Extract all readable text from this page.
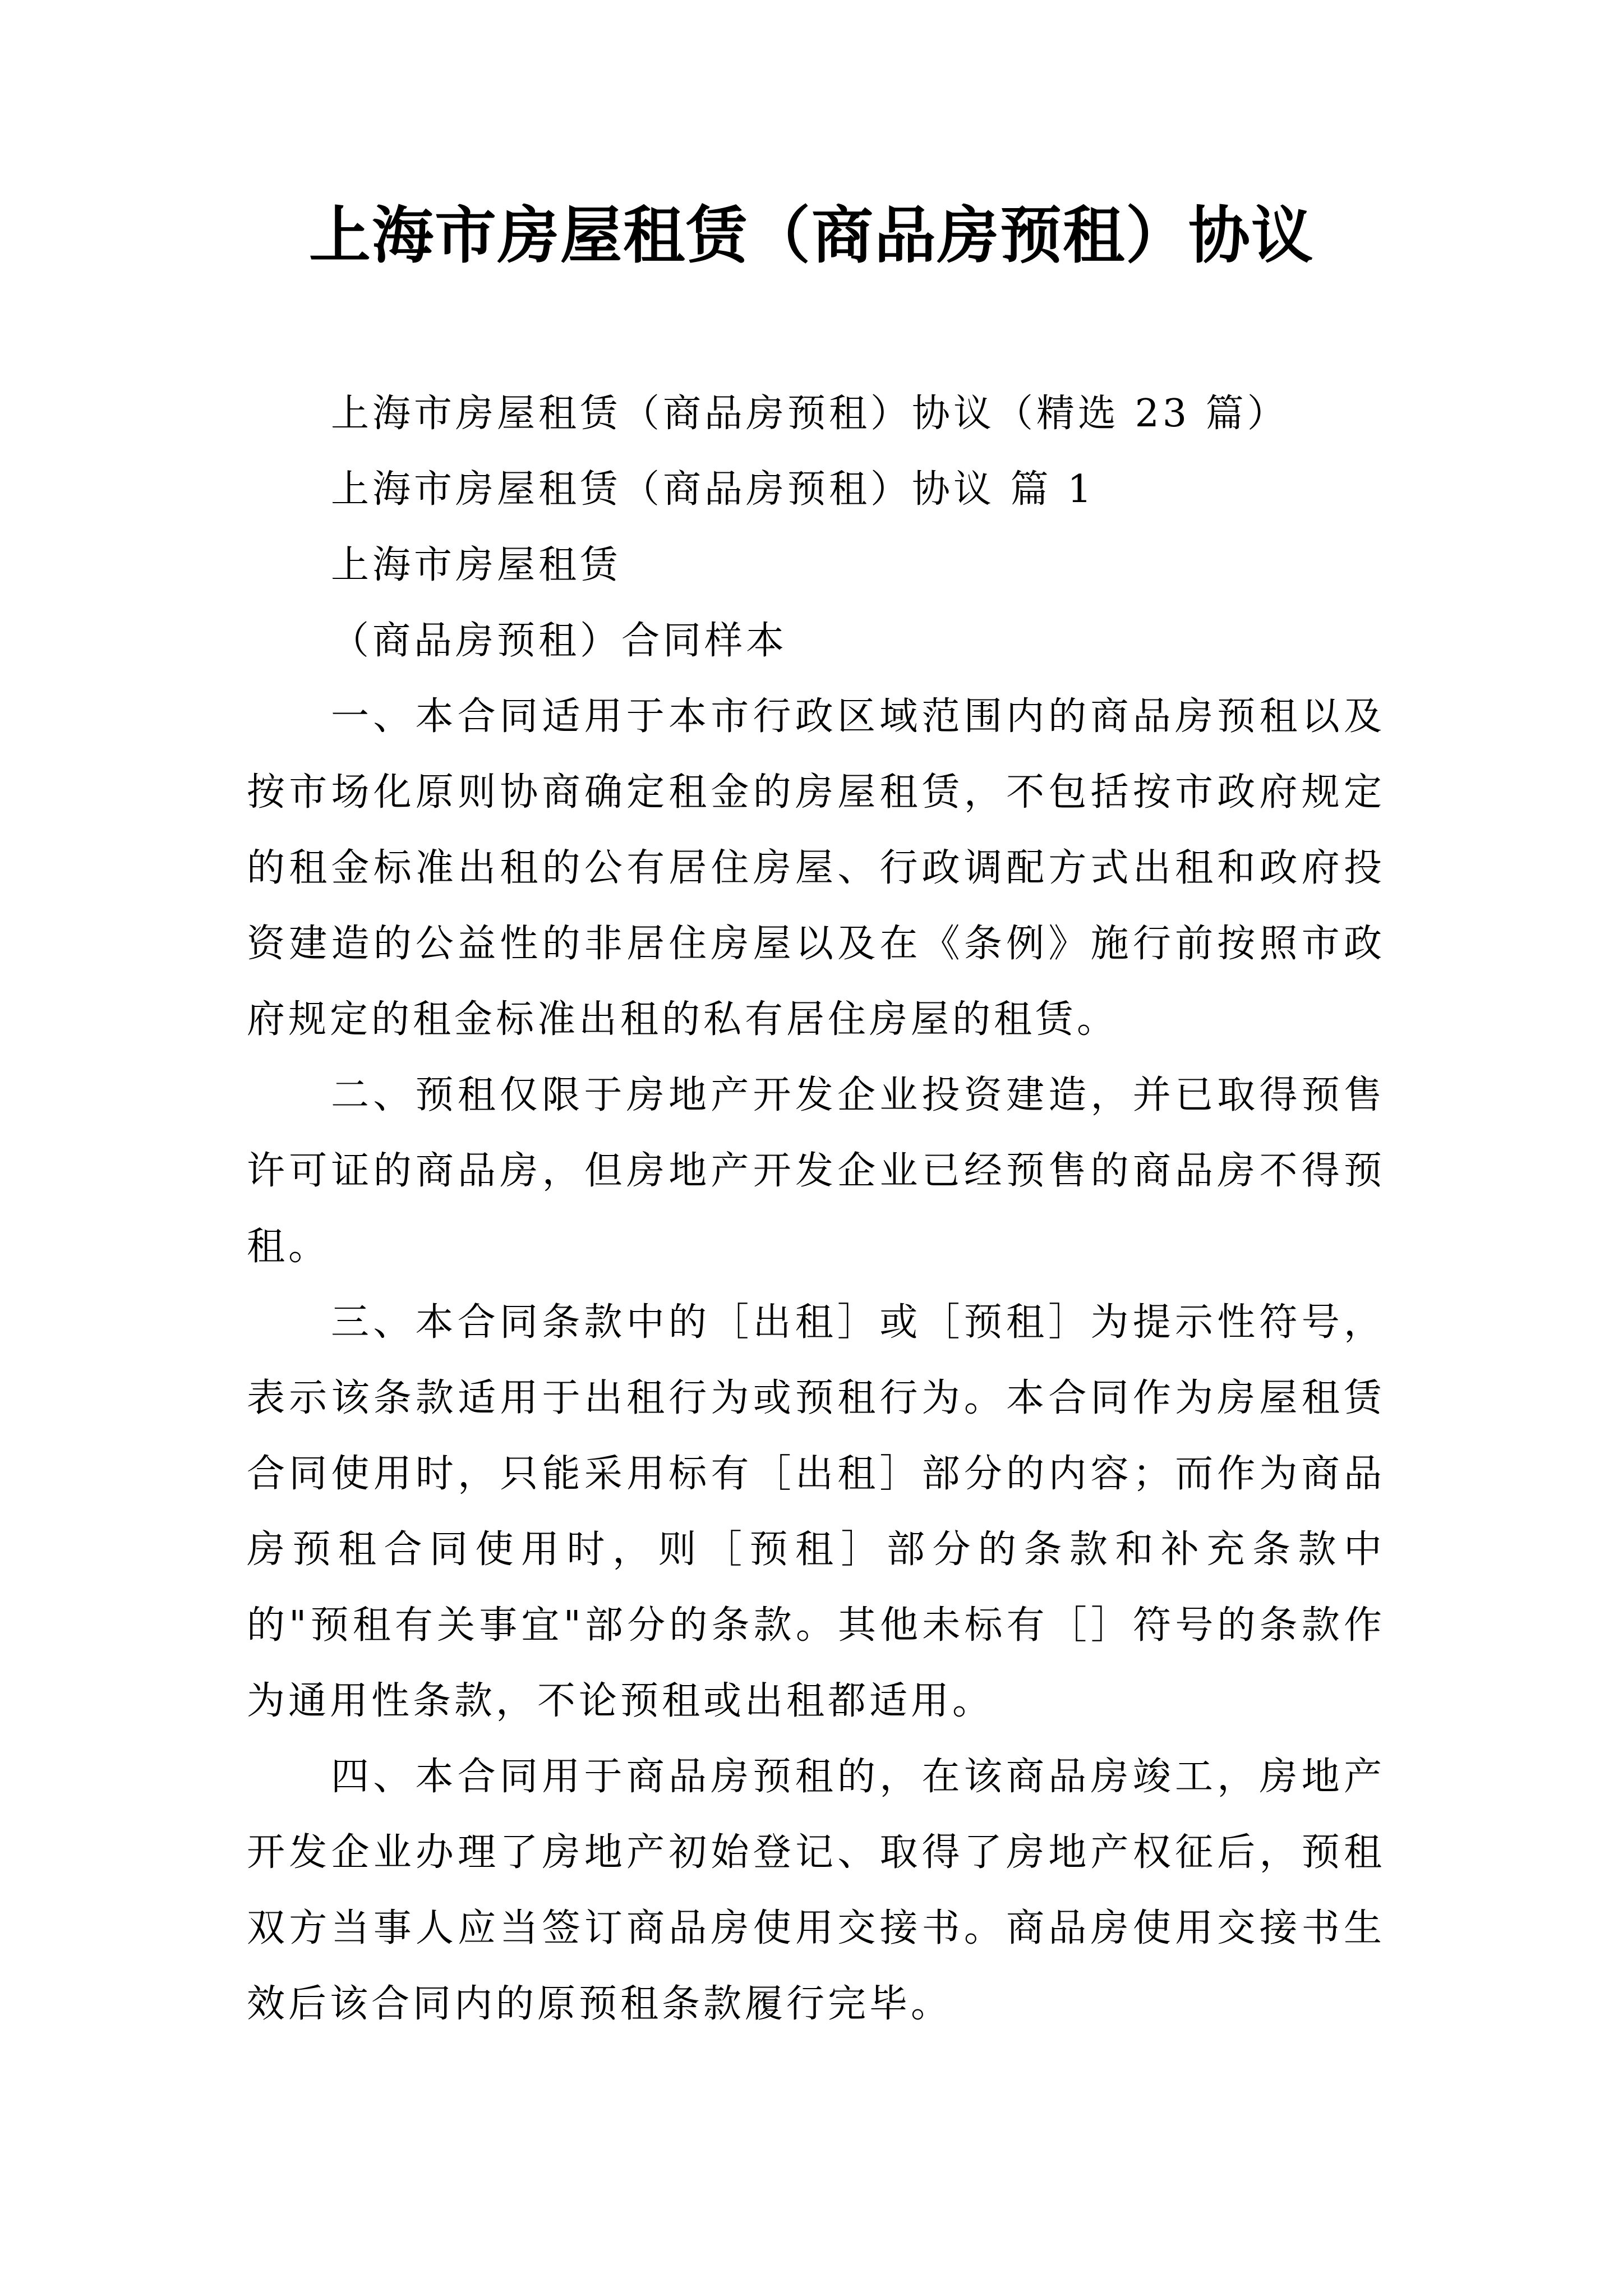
上海市房屋租赁（商品房预租）协议

上海市房屋租赁（商品房预租）协议（精选 23 篇）

上海市房屋租赁（商品房预租）协议 篇 1

上海市房屋租赁

（商品房预租）合同样本

一、本合同适用于本市行政区域范围内的商品房预租以及按市场化原则协商确定租金的房屋租赁，不包括按市政府规定的租金标准出租的公有居住房屋、行政调配方式出租和政府投资建造的公益性的非居住房屋以及在《条例》施行前按照市政府规定的租金标准出租的私有居住房屋的租赁。

二、预租仅限于房地产开发企业投资建造，并已取得预售许可证的商品房，但房地产开发企业已经预售的商品房不得预租。

三、本合同条款中的［出租］或［预租］为提示性符号，表示该条款适用于出租行为或预租行为。本合同作为房屋租赁合同使用时，只能采用标有［出租］部分的内容；而作为商品房预租合同使用时，则［预租］部分的条款和补充条款中的"预租有关事宜"部分的条款。其他未标有［］符号的条款作为通用性条款，不论预租或出租都适用。

四、本合同用于商品房预租的，在该商品房竣工，房地产开发企业办理了房地产初始登记、取得了房地产权征后，预租双方当事人应当签订商品房使用交接书。商品房使用交接书生效后该合同内的原预租条款履行完毕。
